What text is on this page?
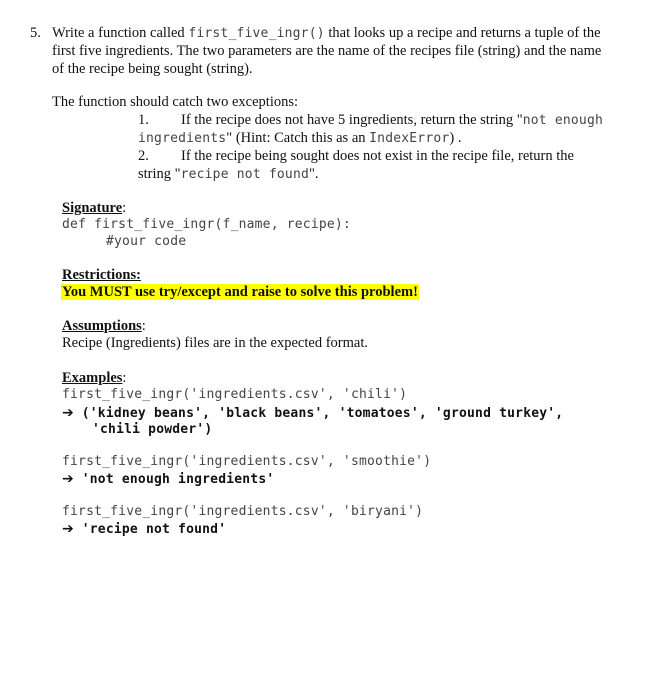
5. Write a function called first_five_ingr() that looks up a recipe and returns a tuple of the
first five ingredients. The two parameters are the name of the recipes file (string) and the name
of the recipe being sought (string).
The function should catch two exceptions:
1. If the recipe does not have 5 ingredients, return the string "not enough
ingredients" (Hint: Catch this as an IndexError) .
2. If the recipe being sought does not exist in the recipe file, return the
string "recipe not found".
Signature:
def first_five_ingr(f_name, recipe):
#your code
Restrictions:
You MUST use try/except and raise to solve this problem!
Assumptions:
Recipe (Ingredients) files are in the expected format.
Examples:
first_five_ingr('ingredients.csv', 'chili')
➔ ('kidney beans', 'black beans', 'tomatoes', 'ground turkey',
'chili powder')
first_five_ingr('ingredients.csv', 'smoothie')
➔ 'not enough ingredients'
first_five_ingr('ingredients.csv', 'biryani')
➔ 'recipe not found'
